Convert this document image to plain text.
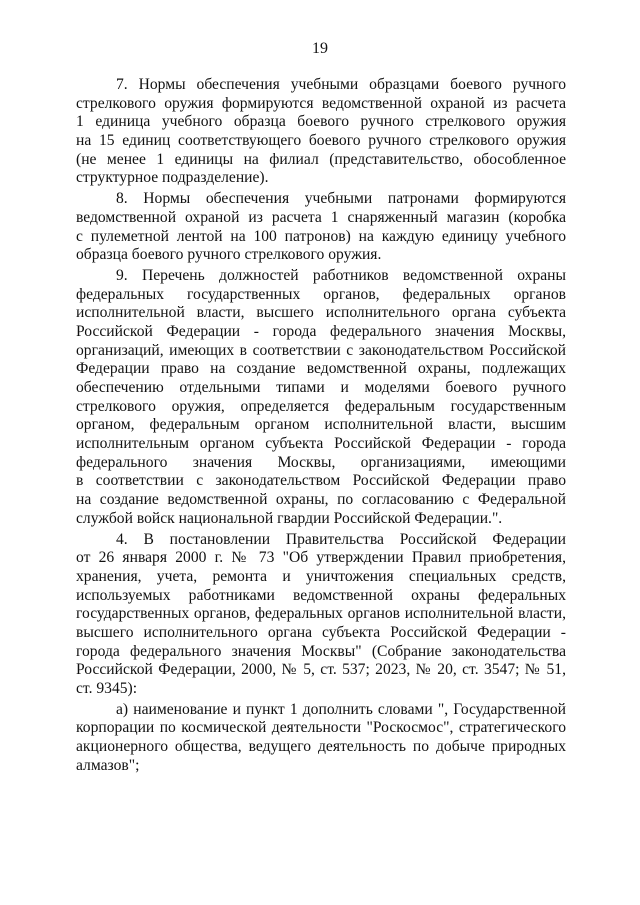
19
7. Нормы обеспечения учебными образцами боевого ручного
стрелкового оружия формируются ведомственной охраной из расчета
1 единица учебного образца боевого ручного стрелкового оружия
на 15 единиц соответствующего боевого ручного стрелкового оружия
(не менее 1 единицы на филиал (представительство, обособленное
структурное подразделение).
8. Нормы обеспечения учебными патронами формируются
ведомственной охраной из расчета 1 снаряженный магазин (коробка
с пулеметной лентой на 100 патронов) на каждую единицу учебного
образца боевого ручного стрелкового оружия.
9. Перечень должностей работников ведомственной охраны
федеральных государственных органов, федеральных органов
исполнительной власти, высшего исполнительного органа субъекта
Российской Федерации - города федерального значения Москвы,
организаций, имеющих в соответствии с законодательством Российской
Федерации право на создание ведомственной охраны, подлежащих
обеспечению отдельными типами и моделями боевого ручного
стрелкового оружия, определяется федеральным государственным
органом, федеральным органом исполнительной власти, высшим
исполнительным органом субъекта Российской Федерации - города
федерального значения Москвы, организациями, имеющими
в соответствии с законодательством Российской Федерации право
на создание ведомственной охраны, по согласованию с Федеральной
службой войск национальной гвардии Российской Федерации.".
4. В постановлении Правительства Российской Федерации
от 26 января 2000 г. № 73 "Об утверждении Правил приобретения,
хранения, учета, ремонта и уничтожения специальных средств,
используемых работниками ведомственной охраны федеральных
государственных органов, федеральных органов исполнительной власти,
высшего исполнительного органа субъекта Российской Федерации -
города федерального значения Москвы" (Собрание законодательства
Российской Федерации, 2000, № 5, ст. 537; 2023, № 20, ст. 3547; № 51,
ст. 9345):
а) наименование и пункт 1 дополнить словами ", Государственной
корпорации по космической деятельности "Роскосмос", стратегического
акционерного общества, ведущего деятельность по добыче природных
алмазов";
